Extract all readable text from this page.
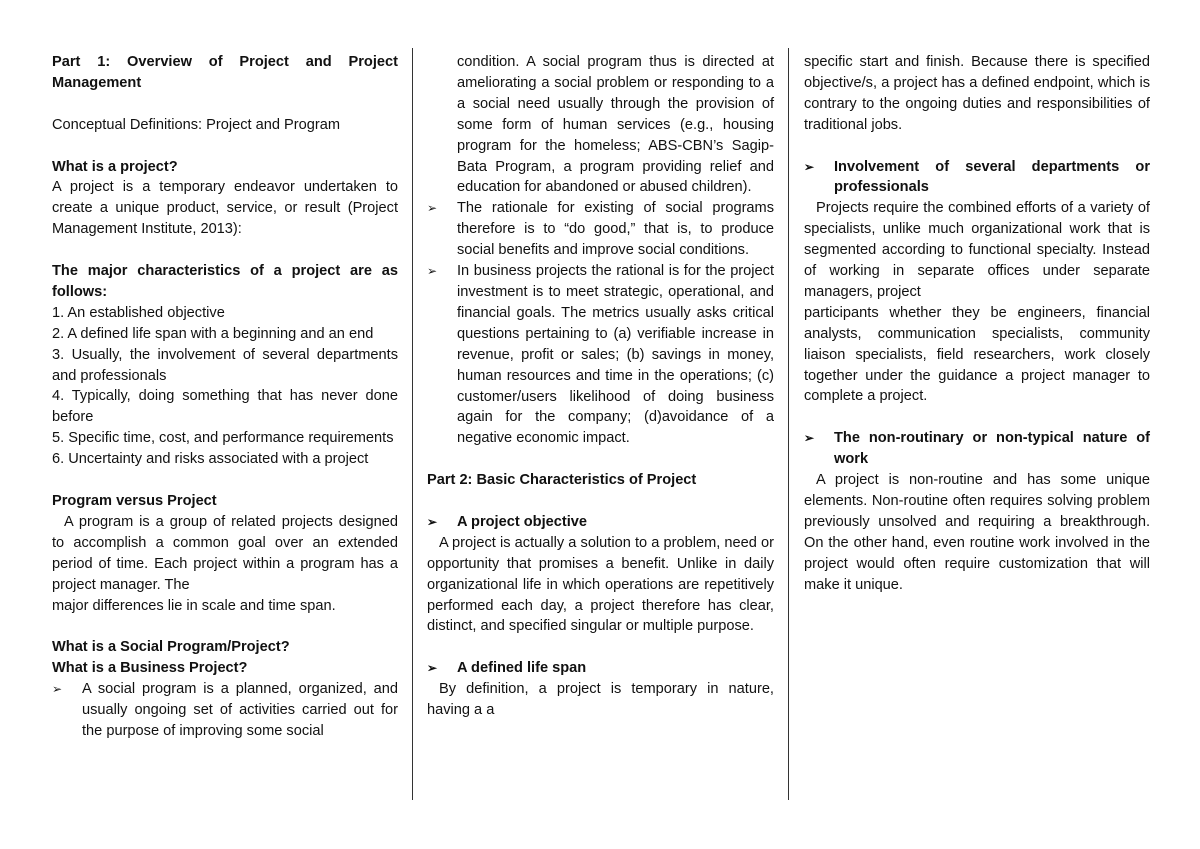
Part 1: Overview of Project and Project Management

Conceptual Definitions: Project and Program

What is a project?

A project is a temporary endeavor undertaken to create a unique product, service, or result (Project Management Institute, 2013):

The major characteristics of a project are as follows:

1. An established objective

2. A defined life span with a beginning and an end

3. Usually, the involvement of several departments and professionals

4. Typically, doing something that has never done before

5. Specific time, cost, and performance requirements

6. Uncertainty and risks associated with a project

Program versus Project

A program is a group of related projects designed to accomplish a common goal over an extended period of time. Each project within a program has a project manager. The

major differences lie in scale and time span.

What is a Social Program/Project?

What is a Business Project?

➢	A social program is a planned, organized, and usually ongoing set of activities carried out for the purpose of improving some social
condition. A social program thus is directed at ameliorating a social problem or responding to a a social need usually through the provision of some form of human services (e.g., housing program for the homeless; ABS-CBN’s Sagip-Bata Program, a program providing relief and education for abandoned or abused children).
➢	The rationale for existing of social programs therefore is to “do good,” that is, to produce social benefits and improve social conditions.
➢	In business projects the rational is for the project investment is to meet strategic, operational, and financial goals. The metrics usually asks critical questions pertaining to (a) verifiable increase in revenue, profit or sales; (b) savings in money, human resources and time in the operations; (c) customer/users likelihood of doing business again for the company; (d)avoidance of a negative economic impact.

Part 2: Basic Characteristics of Project

➢	A project objective

A project is actually a solution to a problem, need or opportunity that promises a benefit. Unlike in daily organizational life in which operations are repetitively performed each day, a project therefore has clear, distinct, and specified singular or multiple purpose.

➢	A defined life span

By definition, a project is temporary in nature, having a a

specific start and finish. Because there is specified objective/s, a project has a defined endpoint, which is contrary to the ongoing duties and responsibilities of traditional jobs.

➢	Involvement of several departments or professionals

Projects require the combined efforts of a variety of specialists, unlike much organizational work that is segmented according to functional specialty. Instead of working in separate offices under separate managers, project

participants whether they be engineers, financial analysts, communication specialists, community liaison specialists, field researchers, work closely together under the guidance a project manager to complete a project.

➢	The non-routinary or non-typical nature of work

A project is non-routine and has some unique elements. Non-routine often requires solving problem previously unsolved and requiring a breakthrough. On the other hand, even routine work involved in the project would often require customization that will make it unique.
